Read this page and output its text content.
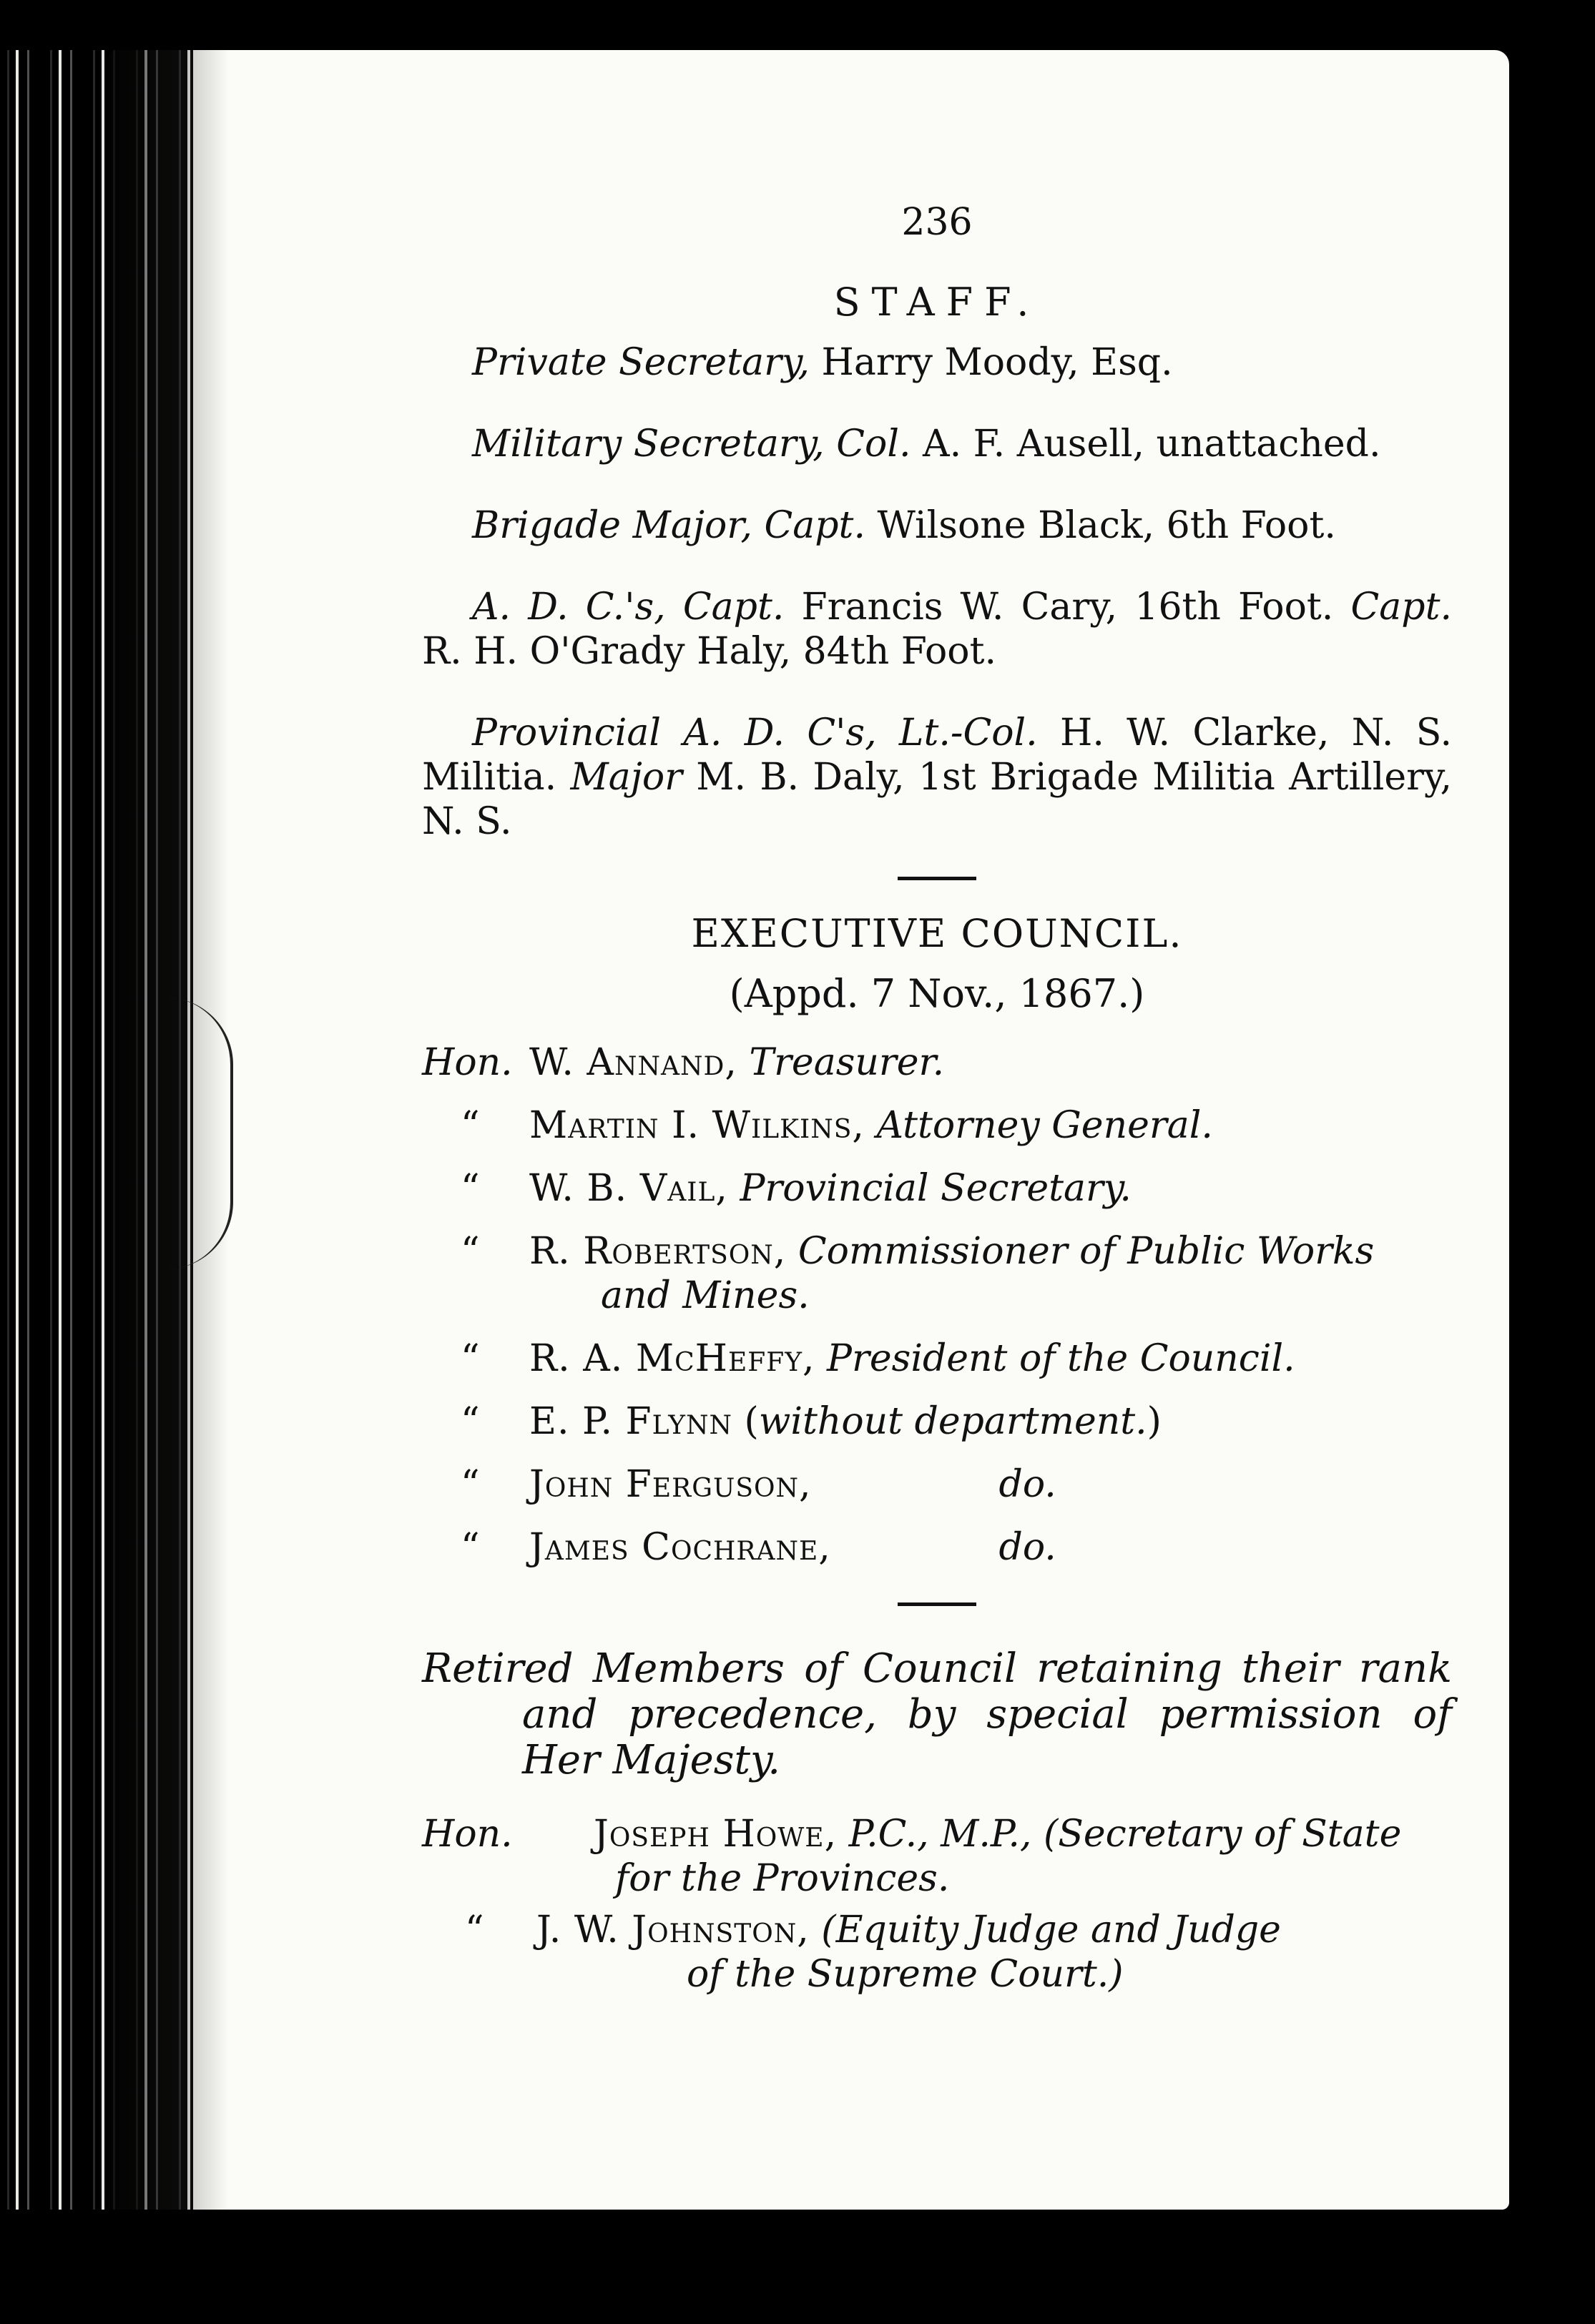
236
STAFF.

Private Secretary, Harry Moody, Esq.

Military Secretary, Col. A. F. Ausell, unattached.

Brigade Major, Capt. Wilsone Black, 6th Foot.

A. D. C.'s, Capt. Francis W. Cary, 16th Foot. Capt. R. H. O'Grady Haly, 84th Foot.

Provincial A. D. C's, Lt.-Col. H. W. Clarke, N. S. Militia. Major M. B. Daly, 1st Brigade Militia Artillery, N. S.

EXECUTIVE COUNCIL.
(Appd. 7 Nov., 1867.)
Hon. W. Annand, Treasurer.
“ Martin I. Wilkins, Attorney General.
“ W. B. Vail, Provincial Secretary.
“ R. Robertson, Commissioner of Public Works
and Mines.
“ R. A. McHeffy, President of the Council.
“ E. P. Flynn (without department.)
“ John Ferguson,	do.
“ James Cochrane,	do.

Retired Members of Council retaining their rank and precedence, by special permission of Her Majesty.

Hon. Joseph Howe, P.C., M.P., (Secretary of State
for the Provinces.
“ J. W. Johnston, (Equity Judge and Judge
of the Supreme Court.)
